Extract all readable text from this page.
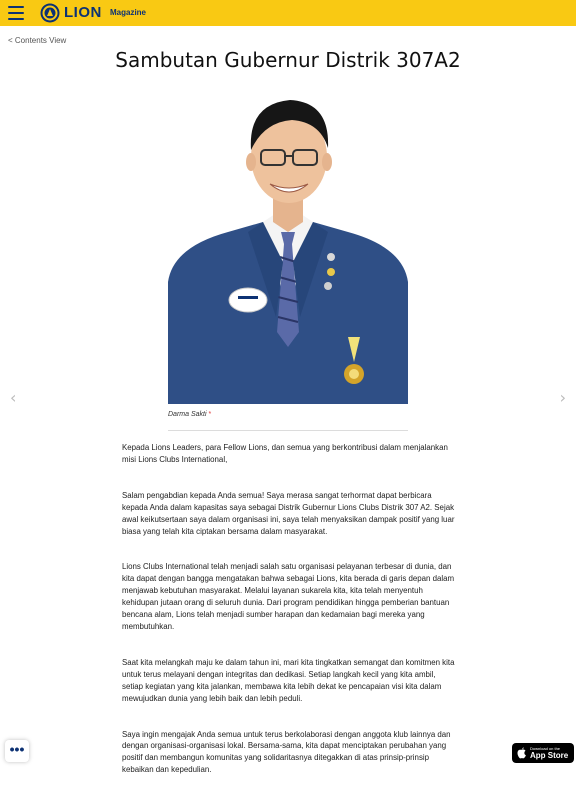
LION Magazine
< Contents View
Sambutan Gubernur Distrik 307A2
Darma Sakti *
‹	›

Kepada Lions Leaders, para Fellow Lions, dan semua yang berkontribusi dalam menjalankan misi Lions Clubs International,

Salam pengabdian kepada Anda semua! Saya merasa sangat terhormat dapat berbicara kepada Anda dalam kapasitas saya sebagai Distrik Gubernur Lions Clubs Distrik 307 A2. Sejak awal keikutsertaan saya dalam organisasi ini, saya telah menyaksikan dampak positif yang luar biasa yang telah kita ciptakan bersama dalam masyarakat.

Lions Clubs International telah menjadi salah satu organisasi pelayanan terbesar di dunia, dan kita dapat dengan bangga mengatakan bahwa sebagai Lions, kita berada di garis depan dalam menjawab kebutuhan masyarakat. Melalui layanan sukarela kita, kita telah menyentuh kehidupan jutaan orang di seluruh dunia. Dari program pendidikan hingga pemberian bantuan bencana alam, Lions telah menjadi sumber harapan dan kedamaian bagi mereka yang membutuhkan.

Saat kita melangkah maju ke dalam tahun ini, mari kita tingkatkan semangat dan komitmen kita untuk terus melayani dengan integritas dan dedikasi. Setiap langkah kecil yang kita ambil, setiap kegiatan yang kita jalankan, membawa kita lebih dekat ke pencapaian visi kita dalam mewujudkan dunia yang lebih baik dan lebih peduli.

Saya ingin mengajak Anda semua untuk terus berkolaborasi dengan anggota klub lainnya dan dengan organisasi-organisasi lokal. Bersama-sama, kita dapat menciptakan perubahan yang positif dan membangun komunitas yang solidaritasnya ditegakkan di atas prinsip-prinsip kebaikan dan kepedulian.

•••	Download on the
App Store
